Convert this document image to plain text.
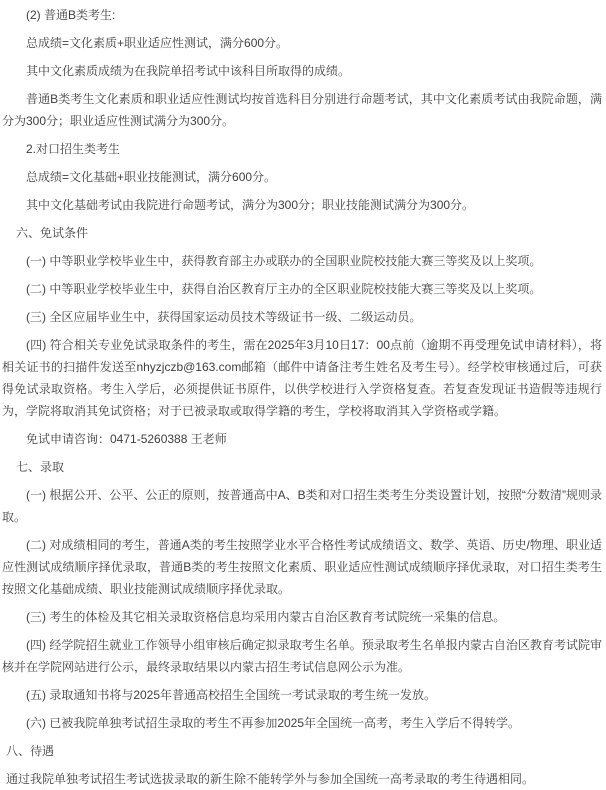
(2) 普通B类考生:

总成绩=文化素质+职业适应性测试，满分600分。

其中文化素质成绩为在我院单招考试中该科目所取得的成绩。

普通B类考生文化素质和职业适应性测试均按首选科目分别进行命题考试，其中文化素质考试由我院命题，满分为300分；职业适应性测试满分为300分。

2.对口招生类考生

总成绩=文化基础+职业技能测试，满分600分。

其中文化基础考试由我院进行命题考试，满分为300分；职业技能测试满分为300分。

六、免试条件

(一) 中等职业学校毕业生中，获得教育部主办或联办的全国职业院校技能大赛三等奖及以上奖项。

(二) 中等职业学校毕业生中，获得自治区教育厅主办的全区职业院校技能大赛三等奖及以上奖项。

(三) 全区应届毕业生中，获得国家运动员技术等级证书一级、二级运动员。

(四) 符合相关专业免试录取条件的考生，需在2025年3月10日17：00点前（逾期不再受理免试申请材料），将相关证书的扫描件发送至nhyzjczb@163.com邮箱（邮件中请备注考生姓名及考生号）。经学校审核通过后，可获得免试录取资格。考生入学后，必须提供证书原件，以供学校进行入学资格复查。若复查发现证书造假等违规行为，学院将取消其免试资格；对于已被录取或取得学籍的考生，学校将取消其入学资格或学籍。

免试申请咨询：0471-5260388 王老师

七、录取

(一) 根据公开、公平、公正的原则，按普通高中A、B类和对口招生类考生分类设置计划，按照“分数清”规则录取。

(二) 对成绩相同的考生，普通A类的考生按照学业水平合格性考试成绩语文、数学、英语、历史/物理、职业适应性测试成绩顺序择优录取，普通B类的考生按照文化素质、职业适应性测试成绩顺序择优录取，对口招生类考生按照文化基础成绩、职业技能测试成绩顺序择优录取。

(三) 考生的体检及其它相关录取资格信息均采用内蒙古自治区教育考试院统一采集的信息。

(四) 经学院招生就业工作领导小组审核后确定拟录取考生名单。预录取考生名单报内蒙古自治区教育考试院审核并在学院网站进行公示，最终录取结果以内蒙古招生考试信息网公示为准。

(五) 录取通知书将与2025年普通高校招生全国统一考试录取的考生统一发放。

(六) 已被我院单独考试招生录取的考生不再参加2025年全国统一高考，考生入学后不得转学。

八、待遇

通过我院单独考试招生考试选拔录取的新生除不能转学外与参加全国统一高考录取的考生待遇相同。
